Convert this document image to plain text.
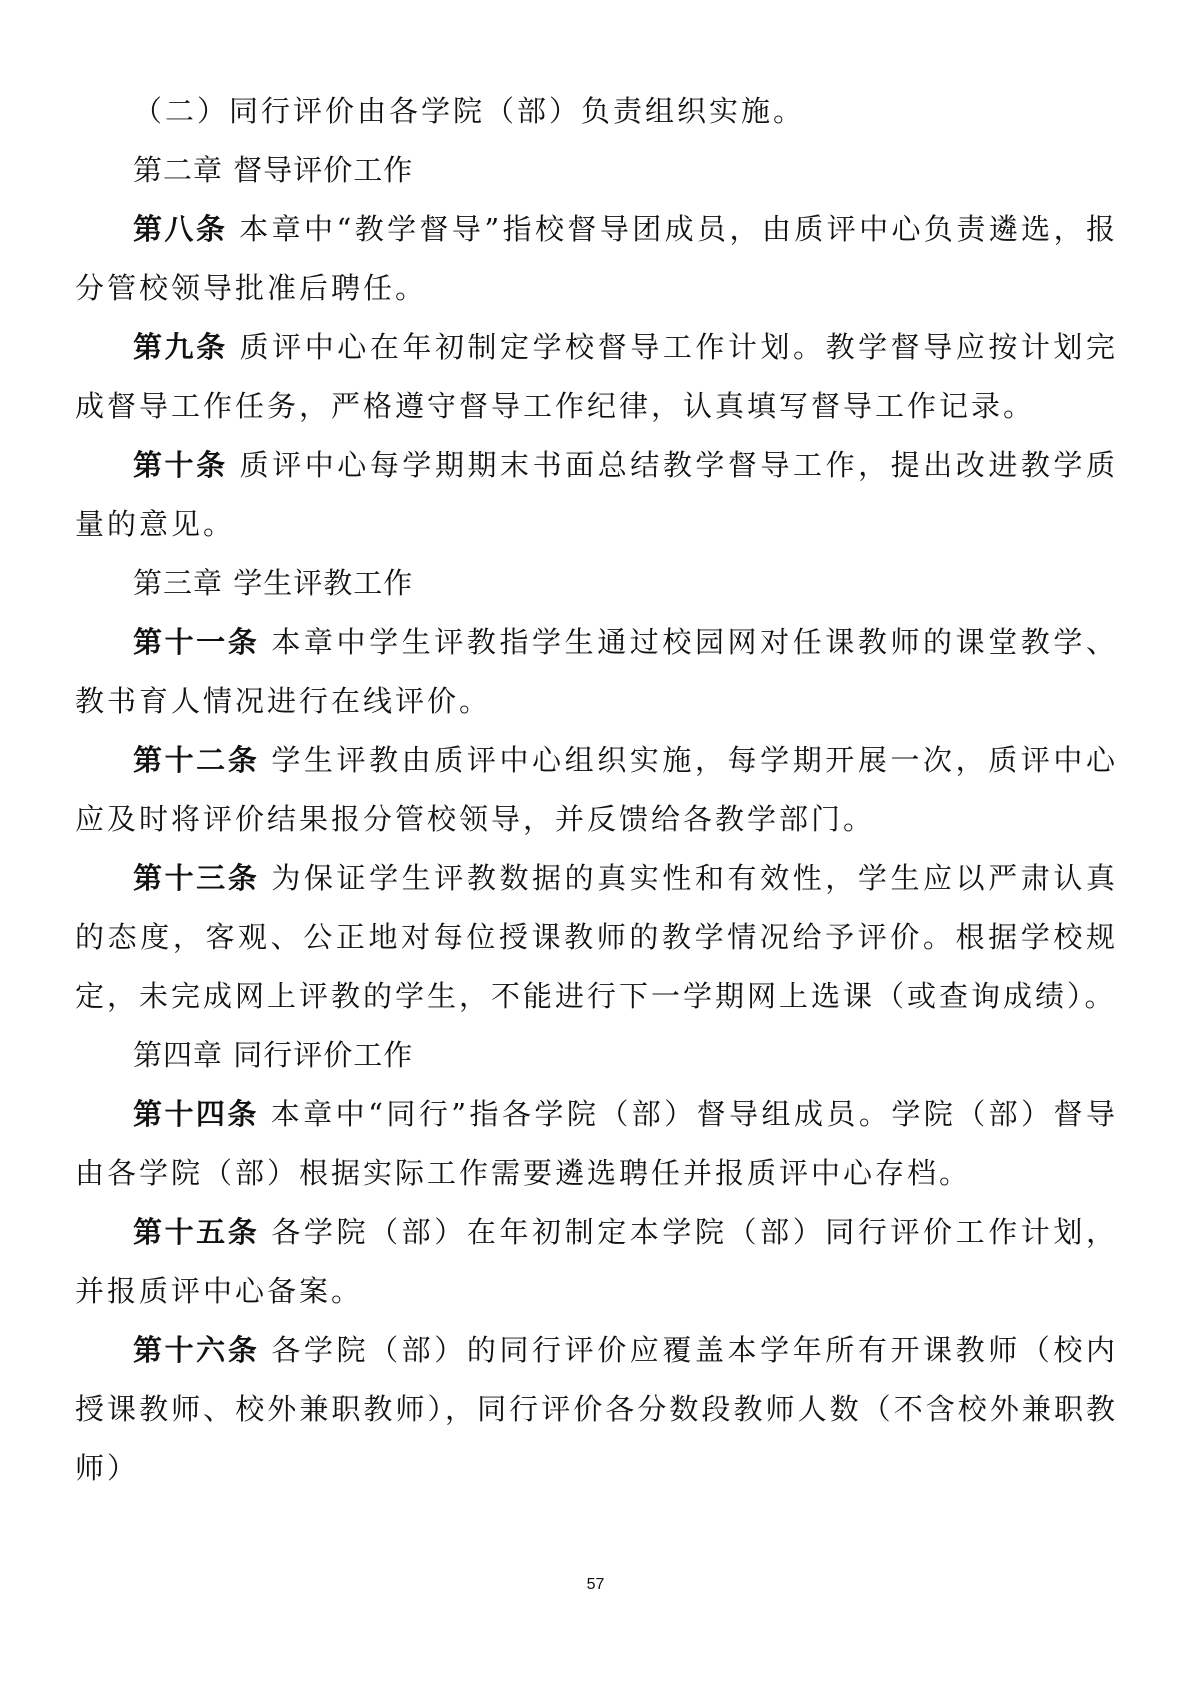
（二）同行评价由各学院（部）负责组织实施。

第二章 督导评价工作

第八条 本章中“教学督导”指校督导团成员，由质评中心负责遴选，报分管校领导批准后聘任。

第九条 质评中心在年初制定学校督导工作计划。教学督导应按计划完成督导工作任务，严格遵守督导工作纪律，认真填写督导工作记录。

第十条 质评中心每学期期末书面总结教学督导工作，提出改进教学质量的意见。

第三章 学生评教工作

第十一条 本章中学生评教指学生通过校园网对任课教师的课堂教学、教书育人情况进行在线评价。

第十二条 学生评教由质评中心组织实施，每学期开展一次，质评中心应及时将评价结果报分管校领导，并反馈给各教学部门。

第十三条 为保证学生评教数据的真实性和有效性，学生应以严肃认真的态度，客观、公正地对每位授课教师的教学情况给予评价。根据学校规定，未完成网上评教的学生，不能进行下一学期网上选课（或查询成绩）。

第四章 同行评价工作

第十四条 本章中“同行”指各学院（部）督导组成员。学院（部）督导由各学院（部）根据实际工作需要遴选聘任并报质评中心存档。

第十五条 各学院（部）在年初制定本学院（部）同行评价工作计划，并报质评中心备案。

第十六条 各学院（部）的同行评价应覆盖本学年所有开课教师（校内授课教师、校外兼职教师），同行评价各分数段教师人数（不含校外兼职教师）

57
